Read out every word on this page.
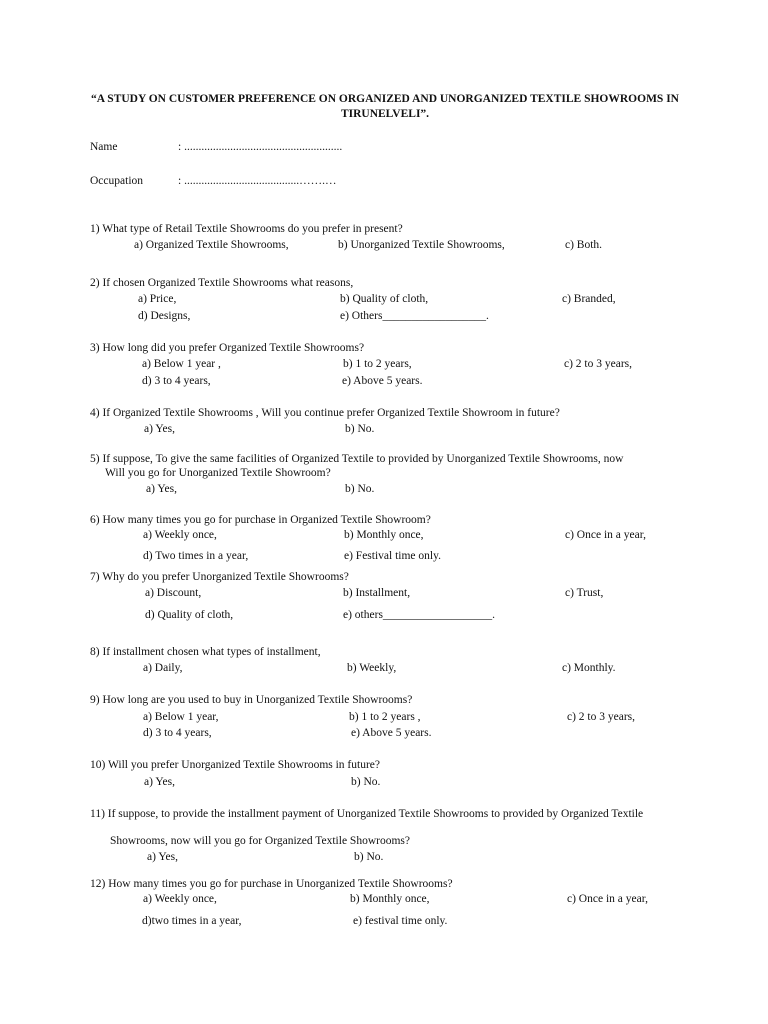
“A STUDY ON CUSTOMER PREFERENCE ON ORGANIZED AND UNORGANIZED TEXTILE SHOWROOMS IN TIRUNELVELI”.
Name	: .......................................................
Occupation	: ........................................…….…
1) What type of Retail Textile Showrooms do you prefer in present?
a) Organized Textile Showrooms,	b) Unorganized Textile Showrooms,	c) Both.
2) If chosen Organized Textile Showrooms what reasons,
a) Price,	b) Quality of cloth,	c) Branded,
d) Designs,	e) Others__________________.
3) How long did you prefer Organized Textile Showrooms?
a) Below 1 year ,	b) 1 to 2 years,	c) 2 to 3 years,
d) 3 to 4 years,	e) Above 5 years.
4) If Organized Textile Showrooms , Will you continue prefer Organized Textile Showroom in future?
a) Yes,	b) No.
5) If suppose, To give the same facilities of Organized Textile to provided by Unorganized Textile Showrooms, now
Will you go for Unorganized Textile Showroom?
a) Yes,	b) No.
6) How many times you go for purchase in Organized Textile Showroom?
a) Weekly once,	b) Monthly once,	c) Once in a year,
d) Two times in a year,	e) Festival time only.
7) Why do you prefer Unorganized Textile Showrooms?
a) Discount,	b) Installment,	c) Trust,
d) Quality of cloth,	e) others___________________.
8) If installment chosen what types of installment,
a) Daily,	b) Weekly,	c) Monthly.
9) How long are you used to buy in Unorganized Textile Showrooms?
a) Below 1 year,	b) 1 to 2 years ,	c) 2 to 3 years,
d) 3 to 4 years,	e) Above 5 years.
10) Will you prefer Unorganized Textile Showrooms in future?
a) Yes,	b) No.
11) If suppose, to provide the installment payment of Unorganized Textile Showrooms to provided by Organized Textile
Showrooms, now will you go for Organized Textile Showrooms?
a) Yes,	b) No.
12) How many times you go for purchase in Unorganized Textile Showrooms?
a) Weekly once,	b) Monthly once,	c) Once in a year,
d)two times in a year,	e) festival time only.
